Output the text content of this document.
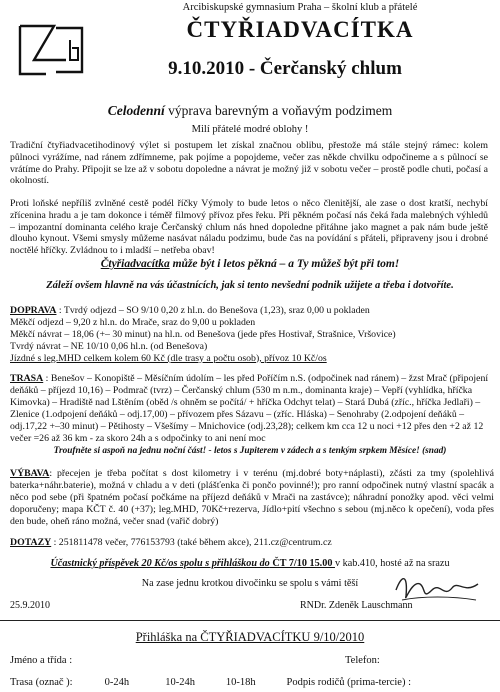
Arcibiskupské gymnasium Praha – školní klub a přátelé
ČTYŘIADVACÍTKA
9.10.2010 - Čerčanský chlum
Celodenní výprava barevným a voňavým podzimem
Milí přátelé modré oblohy !
Tradiční čtyřiadvacetihodinový výlet si postupem let získal značnou oblibu, přestože má stále stejný rámec: kolem půlnoci vyrážíme, nad ránem zdřímneme, pak pojíme a popojdeme, večer zas někde chvilku odpočineme a s půlnocí se vrátíme do Prahy. Připojit se lze až v sobotu dopoledne a návrat je možný již v sobotu večer – prostě podle chuti, počasí a okolností.
Proti loňské nepříliš zvlněné cestě podél říčky Výmoly to bude letos o něco členitější, ale zase o dost kratší, nechybí zřícenina hradu a je tam dokonce i téměř filmový přívoz přes řeku. Při pěkném počasí nás čeká řada malebných výhledů – impozantní dominanta celého kraje Čerčanský chlum nás hned dopoledne přitáhne jako magnet a pak nám bude ještě dlouho kynout. Všemi smysly můžeme nasávat náladu podzimu, bude čas na povídání s přáteli, připraveny jsou i drobné noctělé hříčky. Zvládnou to i mladší – netřeba obav!
Čtyřiadvacítka může být i letos pěkná – a Ty můžeš být při tom!
Záleží ovšem hlavně na vás účastnících, jak si tento nevšední podnik užijete a třeba i dotvoříte.
DOPRAVA : Tvrdý odjezd – SO 9/10 0,20 z hl.n. do Benešova (1,23), sraz 0,00 u pokladen
Měkčí odjezd – 9,20 z hl.n. do Mrače, sraz do 9,00 u pokladen
Měkčí návrat – 18,06 (+– 30 minut) na hl.n. od Benešova (jede přes Hostivař, Strašnice, Vršovice)
Tvrdý návrat – NE 10/10 0,06 hl.n. (od Benešova)
Jízdné s leg.MHD celkem kolem 60 Kč (dle trasy a počtu osob), přívoz 10 Kč/os
TRASA : Benešov – Konopiště – Měsíčním údolím – les před Poříčím n.S. (odpočinek nad ránem) – žzst Mrač (připojení deňáků – příjezd 10,16) – Podmrač (tvrz) – Čerčanský chlum (530 m n.m., dominanta kraje) – Vepří (vyhlídka, hříčka Kimovka) – Hradiště nad Lštěním (oběd /s ohněm se počítá/ + hříčka Odchyt telat) – Stará Dubá (zříc., hříčka Jedlaři) – Zlenice (1.odpojení deňáků – odj.17,00) – přívozem přes Sázavu – (zříc. Hláska) – Senohraby (2.odpojení deňáků – odj.17,22 +–30 minut) – Pětihosty – Všešímy – Mnichovice (odj.23,28); celkem km cca 12 u noci +12 přes den +2 až 12 večer =26 až 36 km - za skoro 24h a s odpočinky to ani není moc
Troufněte si aspoň na jednu noční část! - letos s Jupiterem v zádech a s tenkým srpkem Měsíce! (snad)
VÝBAVA: přecejen je třeba počítat s dost kilometry i v terénu (mj.dobré boty+náplasti), zčásti za tmy (spolehlivá baterka+náhr.baterie), možná v chladu a v deti (plášťenka či pončo povinné!); pro ranní odpočinek nutný vlastní spacák a něco pod sebe (při špatném počasí počkáme na příjezd deňáků v Mrači na zastávce); náhradní ponožky apod. věci velmi doporučeny; mapa KČT č. 40 (+37); leg.MHD, 70Kč+rezerva, Jídlo+pití všechno s sebou (mj.něco k opečení), voda přes den bude, oheň ráno možná, večer snad (vařič dobrý)
DOTAZY : 251811478 večer, 776153793 (také během akce), 211.cz@centrum.cz
Účastnický příspěvek 20 Kč/os spolu s přihláškou do ČT 7/10 15.00 v kab.410, hosté až na srazu
Na zase jednu krotkou divočinku se spolu s vámi těší
25.9.2010	RNDr. Zdeněk Lauschmann
Přihláška na ČTYŘIADVACÍTKU 9/10/2010
Jméno a třída :	Telefon:
Trasa (označ ):	0-24h	10-24h	10-18h	Podpis rodičů (prima-tercie) :
